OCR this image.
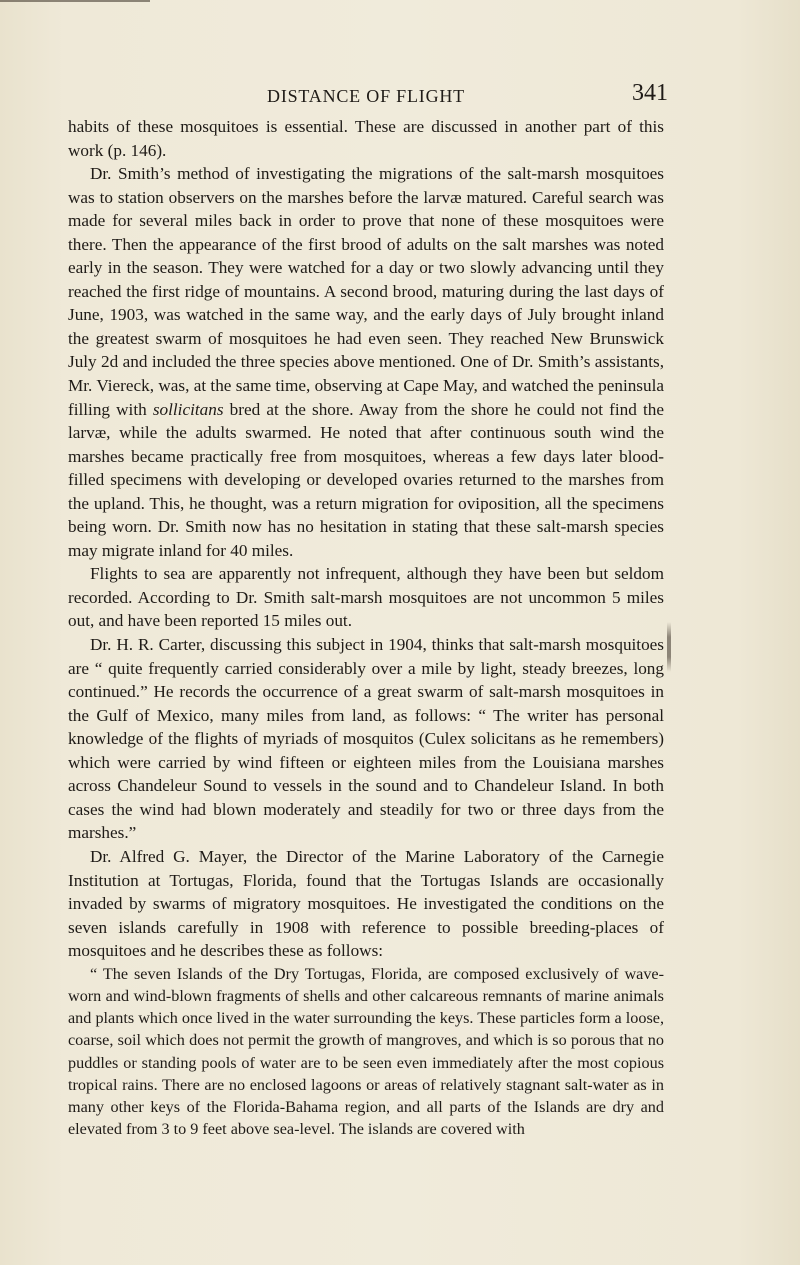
DISTANCE OF FLIGHT	341

habits of these mosquitoes is essential. These are discussed in another part of this work (p. 146).

Dr. Smith’s method of investigating the migrations of the salt-marsh mosquitoes was to station observers on the marshes before the larvæ matured. Careful search was made for several miles back in order to prove that none of these mosquitoes were there. Then the appearance of the first brood of adults on the salt marshes was noted early in the season. They were watched for a day or two slowly advancing until they reached the first ridge of mountains. A second brood, maturing during the last days of June, 1903, was watched in the same way, and the early days of July brought inland the greatest swarm of mosquitoes he had even seen. They reached New Brunswick July 2d and included the three species above mentioned. One of Dr. Smith’s assistants, Mr. Viereck, was, at the same time, observing at Cape May, and watched the peninsula filling with sollicitans bred at the shore. Away from the shore he could not find the larvæ, while the adults swarmed. He noted that after continuous south wind the marshes became practically free from mosquitoes, whereas a few days later blood-filled specimens with developing or developed ovaries returned to the marshes from the upland. This, he thought, was a return migration for oviposition, all the specimens being worn. Dr. Smith now has no hesitation in stating that these salt-marsh species may migrate inland for 40 miles.

Flights to sea are apparently not infrequent, although they have been but seldom recorded. According to Dr. Smith salt-marsh mosquitoes are not uncommon 5 miles out, and have been reported 15 miles out.

Dr. H. R. Carter, discussing this subject in 1904, thinks that salt-marsh mosquitoes are “ quite frequently carried considerably over a mile by light, steady breezes, long continued.” He records the occurrence of a great swarm of salt-marsh mosquitoes in the Gulf of Mexico, many miles from land, as follows: “ The writer has personal knowledge of the flights of myriads of mosquitos (Culex solicitans as he remembers) which were carried by wind fifteen or eighteen miles from the Louisiana marshes across Chandeleur Sound to vessels in the sound and to Chandeleur Island. In both cases the wind had blown moderately and steadily for two or three days from the marshes.”

Dr. Alfred G. Mayer, the Director of the Marine Laboratory of the Carnegie Institution at Tortugas, Florida, found that the Tortugas Islands are occasionally invaded by swarms of migratory mosquitoes. He investigated the conditions on the seven islands carefully in 1908 with reference to possible breeding-places of mosquitoes and he describes these as follows:

“ The seven Islands of the Dry Tortugas, Florida, are composed exclusively of wave-worn and wind-blown fragments of shells and other calcareous remnants of marine animals and plants which once lived in the water surrounding the keys. These particles form a loose, coarse, soil which does not permit the growth of mangroves, and which is so porous that no puddles or standing pools of water are to be seen even immediately after the most copious tropical rains. There are no enclosed lagoons or areas of relatively stagnant salt-water as in many other keys of the Florida-Bahama region, and all parts of the Islands are dry and elevated from 3 to 9 feet above sea-level. The islands are covered with
